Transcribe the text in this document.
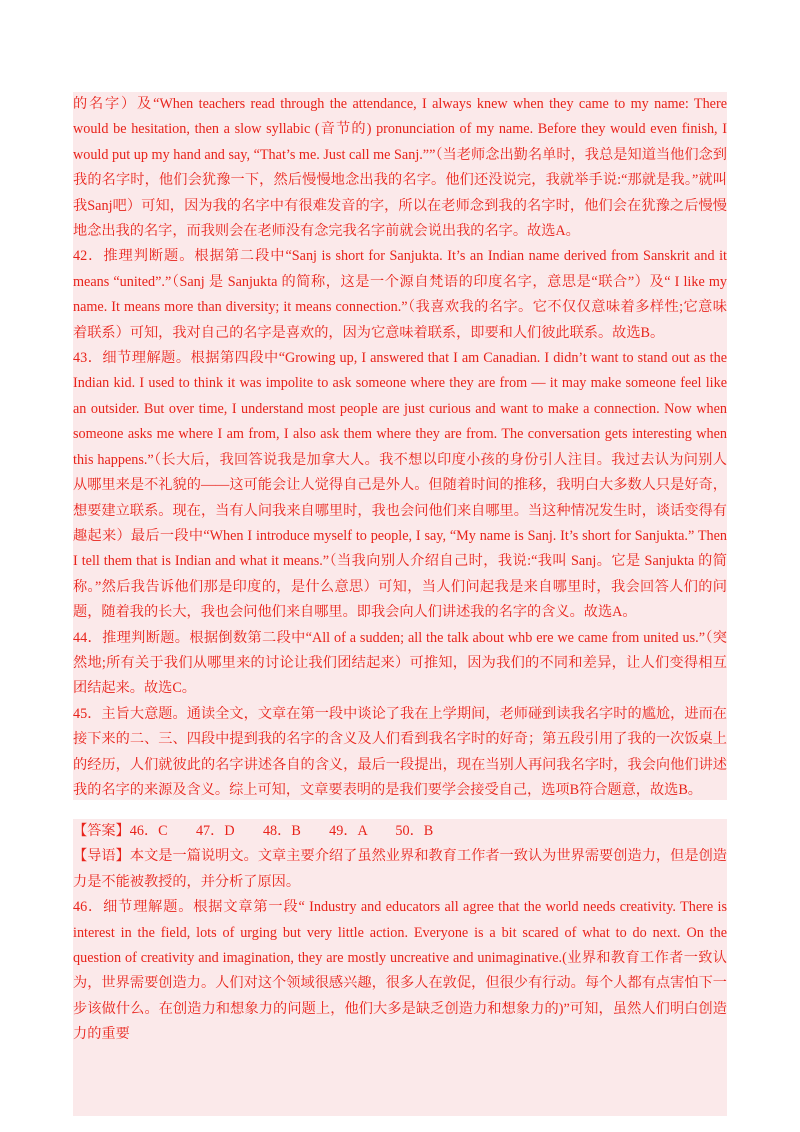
的名字）及“When teachers read through the attendance, I always knew when they came to my name: There would be hesitation, then a slow syllabic (音节的) pronunciation of my name. Before they would even finish, I would put up my hand and say, “That’s me. Just call me Sanj.””（当老师念出勤名单时，我总是知道当他们念到我的名字时，他们会犹豫一下，然后慢慢地念出我的名字。他们还没说完，我就举手说:“那就是我。”就叫我Sanj吧）可知，因为我的名字中有很难发音的字，所以在老师念到我的名字时，他们会在犹豫之后慢慢地念出我的名字，而我则会在老师没有念完我名字前就会说出我的名字。故选A。

42．推理判断题。根据第二段中“Sanj is short for Sanjukta. It’s an Indian name derived from Sanskrit and it means “united”.”（Sanj 是 Sanjukta 的简称，这是一个源自梵语的印度名字，意思是“联合”）及“ I like my name. It means more than diversity; it means connection.”（我喜欢我的名字。它不仅仅意味着多样性;它意味着联系）可知，我对自己的名字是喜欢的，因为它意味着联系，即要和人们彼此联系。故选B。

43．细节理解题。根据第四段中“Growing up, I answered that I am Canadian. I didn’t want to stand out as the Indian kid. I used to think it was impolite to ask someone where they are from — it may make someone feel like an outsider. But over time, I understand most people are just curious and want to make a connection. Now when someone asks me where I am from, I also ask them where they are from. The conversation gets interesting when this happens.”（长大后，我回答说我是加拿大人。我不想以印度小孩的身份引人注目。我过去认为问别人从哪里来是不礼貌的——这可能会让人觉得自己是外人。但随着时间的推移，我明白大多数人只是好奇，想要建立联系。现在，当有人问我来自哪里时，我也会问他们来自哪里。当这种情况发生时，谈话变得有趣起来）最后一段中“When I introduce myself to people, I say, “My name is Sanj. It’s short for Sanjukta.” Then I tell them that is Indian and what it means.”（当我向别人介绍自己时，我说:“我叫 Sanj。它是 Sanjukta 的简称。”然后我告诉他们那是印度的，是什么意思）可知，当人们问起我是来自哪里时，我会回答人们的问题，随着我的长大，我也会问他们来自哪里。即我会向人们讲述我的名字的含义。故选A。

44．推理判断题。根据倒数第二段中“All of a sudden; all the talk about whb ere we came from united us.”（突然地;所有关于我们从哪里来的讨论让我们团结起来）可推知，因为我们的不同和差异，让人们变得相互团结起来。故选C。

45．主旨大意题。通读全文，文章在第一段中谈论了我在上学期间，老师碰到读我名字时的尴尬，进而在接下来的二、三、四段中提到我的名字的含义及人们看到我名字时的好奇；第五段引用了我的一次饭桌上的经历，人们就彼此的名字讲述各自的含义，最后一段提出，现在当别人再问我名字时，我会向他们讲述我的名字的来源及含义。综上可知，文章要表明的是我们要学会接受自己，选项B符合题意，故选B。

【答案】46．C　　47．D　　48．B　　49．A　　50．B

【导语】本文是一篇说明文。文章主要介绍了虽然业界和教育工作者一致认为世界需要创造力，但是创造力是不能被教授的，并分析了原因。

46．细节理解题。根据文章第一段“ Industry and educators all agree that the world needs creativity. There is interest in the field, lots of urging but very little action. Everyone is a bit scared of what to do next. On the question of creativity and imagination, they are mostly uncreative and unimaginative.(业界和教育工作者一致认为，世界需要创造力。人们对这个领域很感兴趣，很多人在敦促，但很少有行动。每个人都有点害怕下一步该做什么。在创造力和想象力的问题上，他们大多是缺乏创造力和想象力的)”可知，虽然人们明白创造力的重要
